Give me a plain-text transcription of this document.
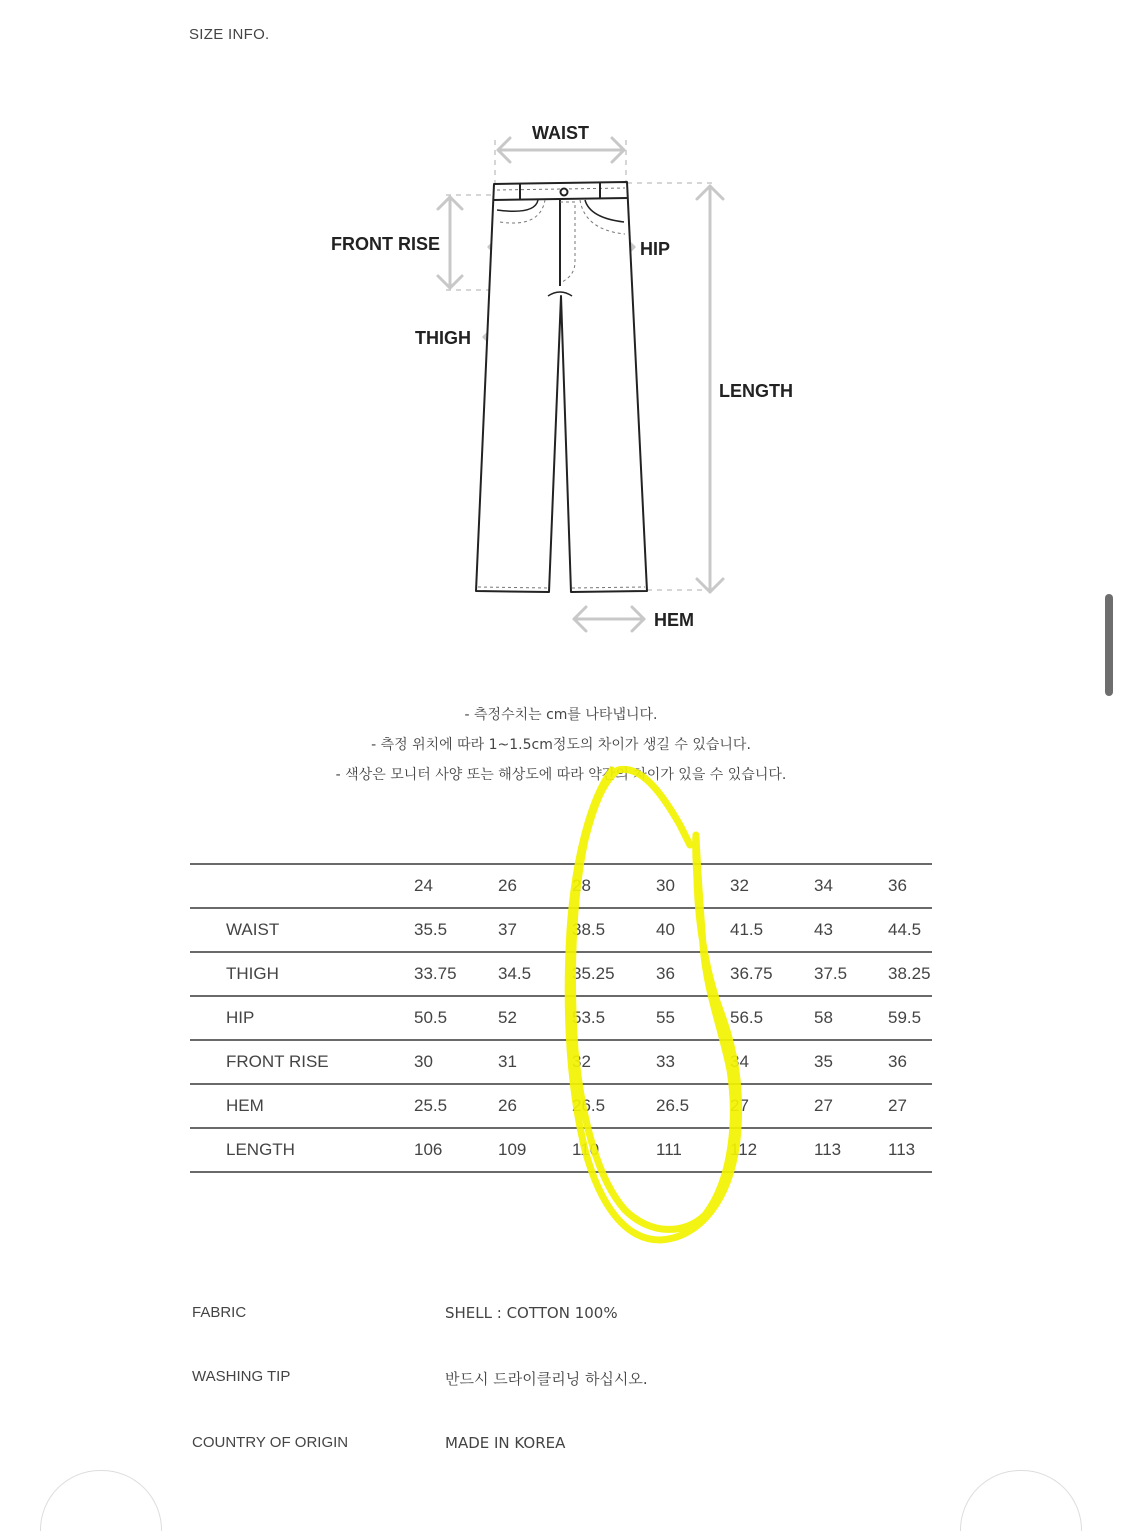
SIZE INFO.
WAIST
FRONT RISE	HIP
THIGH
LENGTH
HEM
- 측정수치는 cm를 나타냅니다.
- 측정 위치에 따라 1~1.5cm정도의 차이가 생길 수 있습니다.
- 색상은 모니터 사양 또는 해상도에 따라 약간의 차이가 있을 수 있습니다.
	24	26	28	30	32	34	36
WAIST	35.5	37	38.5	40	41.5	43	44.5
THIGH	33.75	34.5	35.25	36	36.75	37.5	38.25
HIP	50.5	52	53.5	55	56.5	58	59.5
FRONT RISE	30	31	32	33	34	35	36
HEM	25.5	26	26.5	26.5	27	27	27
LENGTH	106	109	110	111	112	113	113
FABRIC	SHELL : COTTON 100%
WASHING TIP	반드시 드라이클리닝 하십시오.
COUNTRY OF ORIGIN	MADE IN KOREA
